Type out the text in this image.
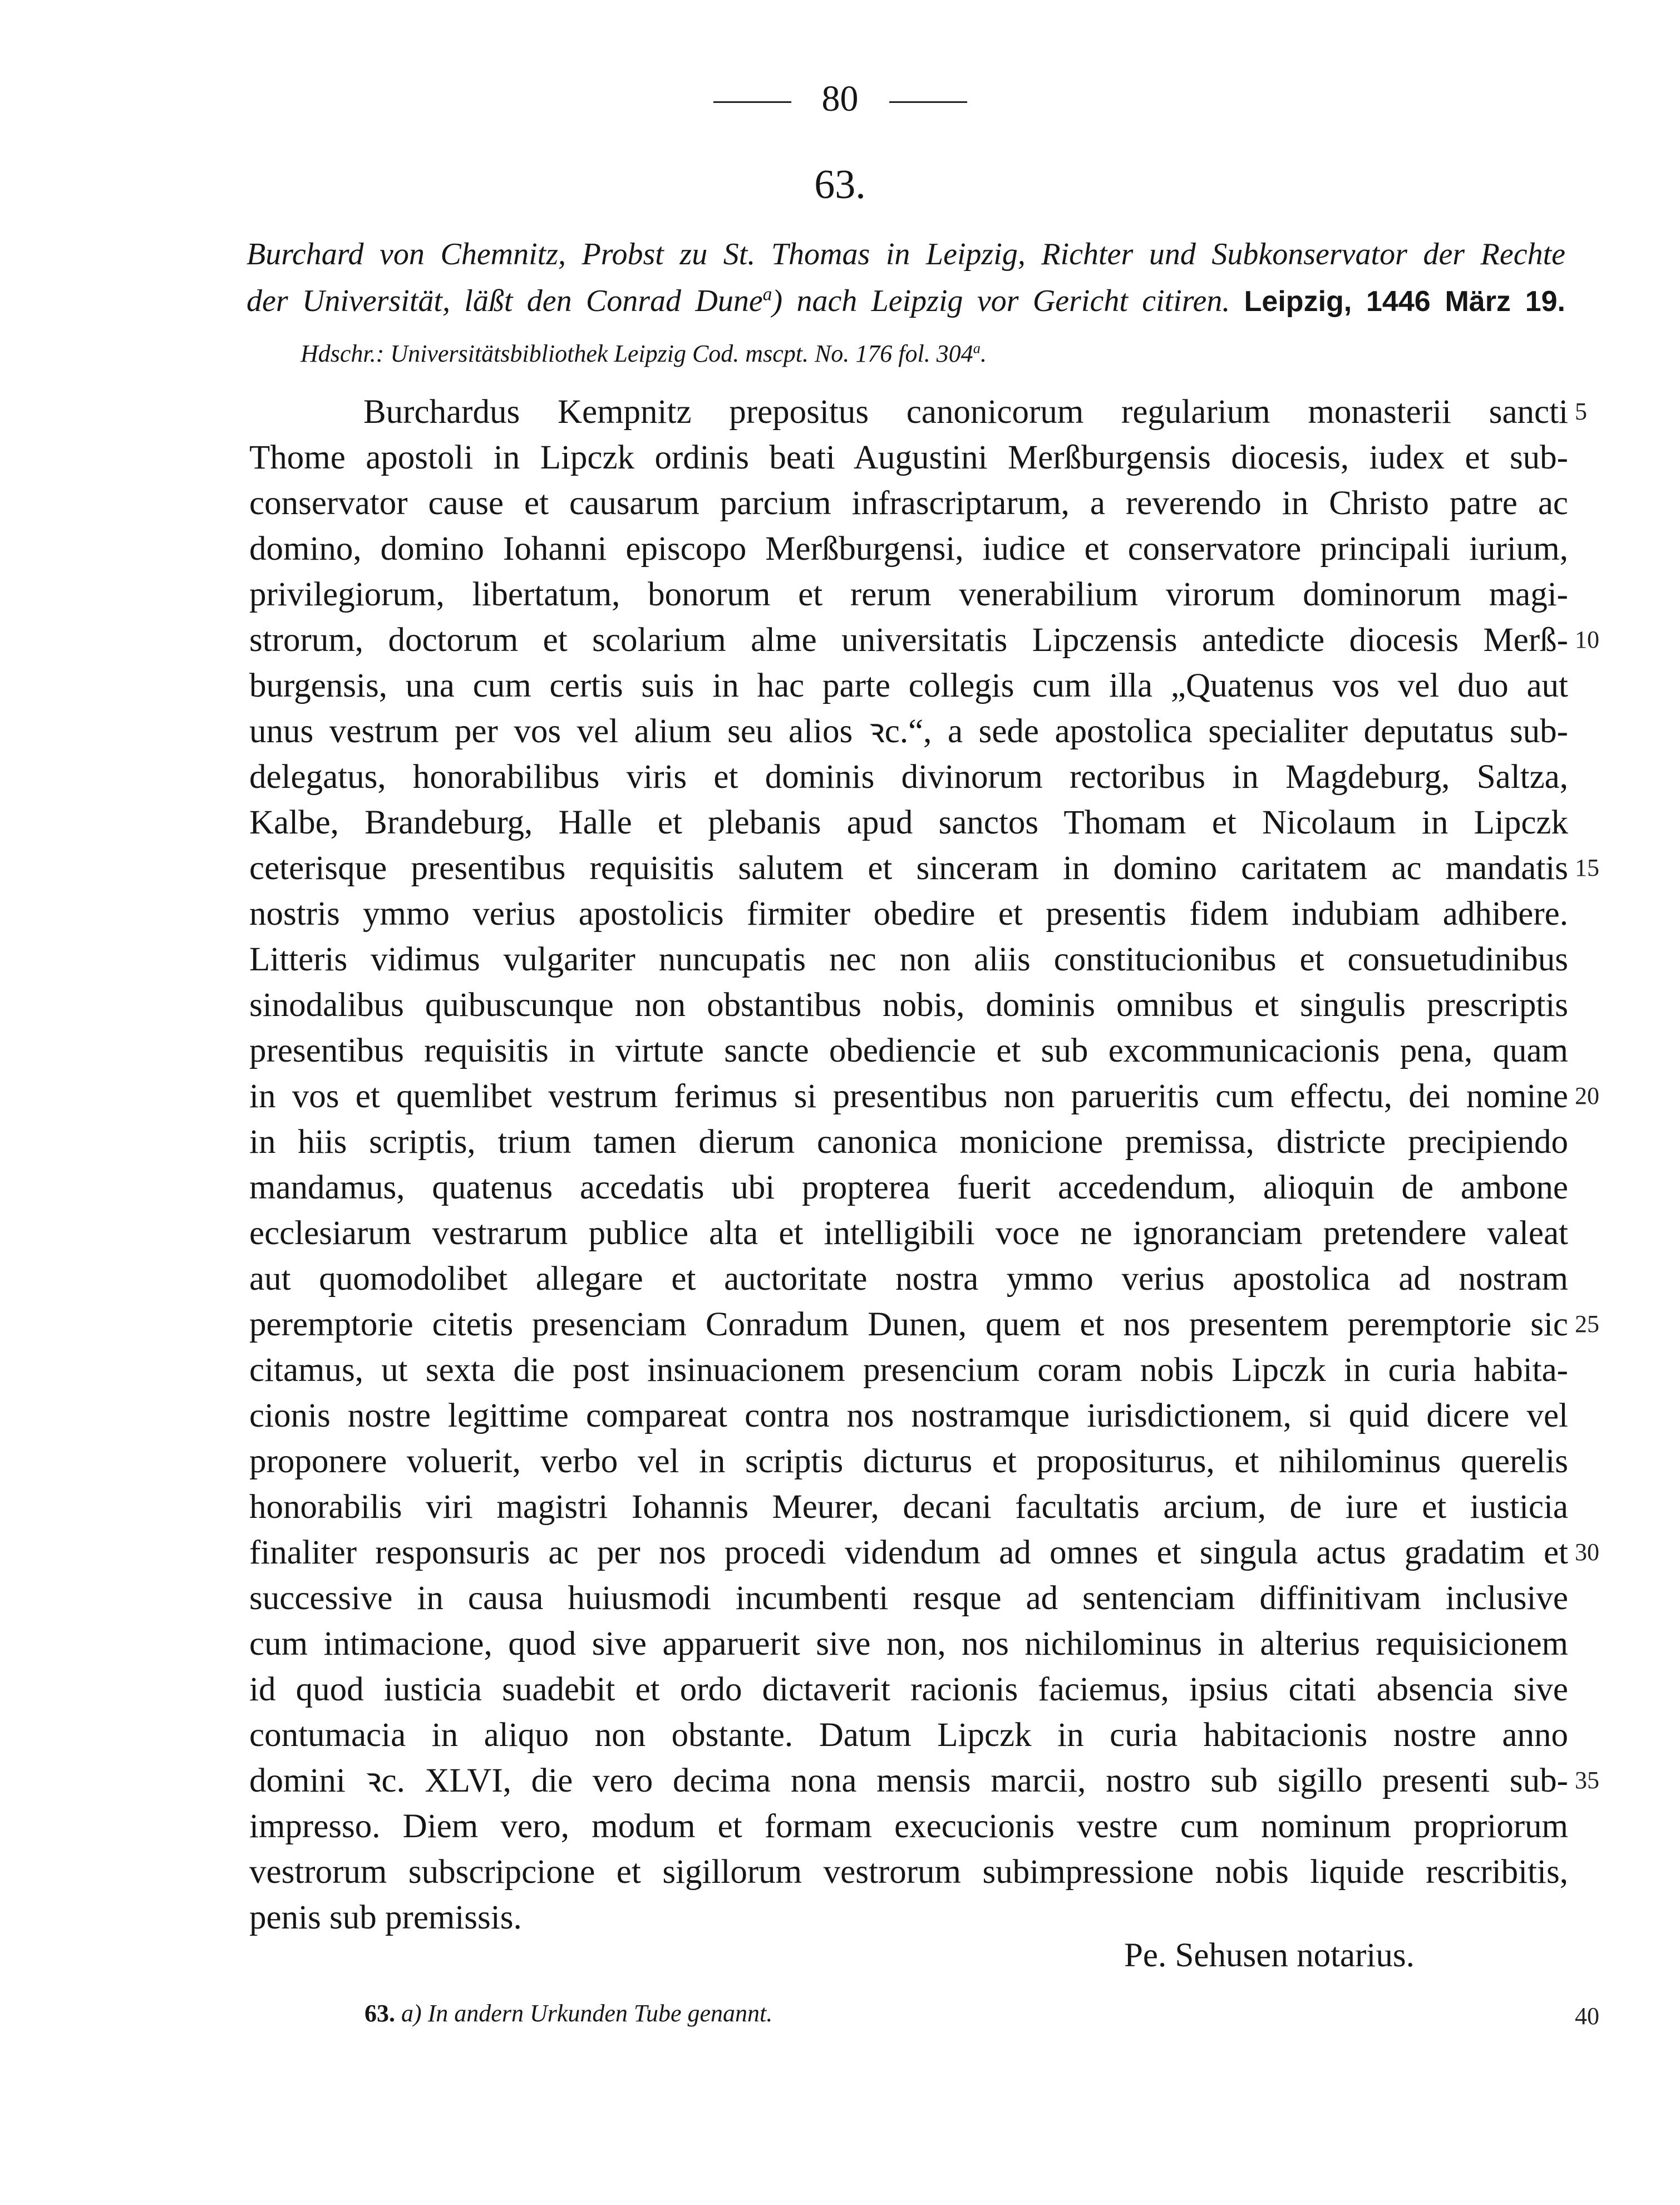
80
63.
Burchard von Chemnitz, Probst zu St. Thomas in Leipzig, Richter und Subkonservator der Rechte
der Universität, läßt den Conrad Dune$^a$) nach Leipzig vor Gericht citiren. Leipzig, 1446 März 19.
Hdschr.: Universitätsbibliothek Leipzig Cod. mscpt. No. 176 fol. 304$^a$.
Burchardus Kempnitz prepositus canonicorum regularium monasterii sancti
Thome apostoli in Lipczk ordinis beati Augustini Merßburgensis diocesis, iudex et sub-
conservator cause et causarum parcium infrascriptarum, a reverendo in Christo patre ac
domino, domino Iohanni episcopo Merßburgensi, iudice et conservatore principali iurium,
privilegiorum, libertatum, bonorum et rerum venerabilium virorum dominorum magi-
strorum, doctorum et scolarium alme universitatis Lipczensis antedicte diocesis Merß-
burgensis, una cum certis suis in hac parte collegis cum illa „Quatenus vos vel duo aut
unus vestrum per vos vel alium seu alios ꝛc.“, a sede apostolica specialiter deputatus sub-
delegatus, honorabilibus viris et dominis divinorum rectoribus in Magdeburg, Saltza,
Kalbe, Brandeburg, Halle et plebanis apud sanctos Thomam et Nicolaum in Lipczk
ceterisque presentibus requisitis salutem et sinceram in domino caritatem ac mandatis
nostris ymmo verius apostolicis firmiter obedire et presentis fidem indubiam adhibere.
Litteris vidimus vulgariter nuncupatis nec non aliis constitucionibus et consuetudinibus
sinodalibus quibuscunque non obstantibus nobis, dominis omnibus et singulis prescriptis
presentibus requisitis in virtute sancte obediencie et sub excommunicacionis pena, quam
in vos et quemlibet vestrum ferimus si presentibus non parueritis cum effectu, dei nomine
in hiis scriptis, trium tamen dierum canonica monicione premissa, districte precipiendo
mandamus, quatenus accedatis ubi propterea fuerit accedendum, alioquin de ambone
ecclesiarum vestrarum publice alta et intelligibili voce ne ignoranciam pretendere valeat
aut quomodolibet allegare et auctoritate nostra ymmo verius apostolica ad nostram
peremptorie citetis presenciam Conradum Dunen, quem et nos presentem peremptorie sic
citamus, ut sexta die post insinuacionem presencium coram nobis Lipczk in curia habita-
cionis nostre legittime compareat contra nos nostramque iurisdictionem, si quid dicere vel
proponere voluerit, verbo vel in scriptis dicturus et propositurus, et nihilominus querelis
honorabilis viri magistri Iohannis Meurer, decani facultatis arcium, de iure et iusticia
finaliter responsuris ac per nos procedi videndum ad omnes et singula actus gradatim et
successive in causa huiusmodi incumbenti resque ad sentenciam diffinitivam inclusive
cum intimacione, quod sive apparuerit sive non, nos nichilominus in alterius requisicionem
id quod iusticia suadebit et ordo dictaverit racionis faciemus, ipsius citati absencia sive
contumacia in aliquo non obstante. Datum Lipczk in curia habitacionis nostre anno
domini ꝛc. XLVI, die vero decima nona mensis marcii, nostro sub sigillo presenti sub-
impresso. Diem vero, modum et formam execucionis vestre cum nominum propriorum
vestrorum subscripcione et sigillorum vestrorum subimpressione nobis liquide rescribitis,
penis sub premissis.
5
10
15
20
25
30
35
40
Pe. Sehusen notarius.
63. a) In andern Urkunden Tube genannt.
